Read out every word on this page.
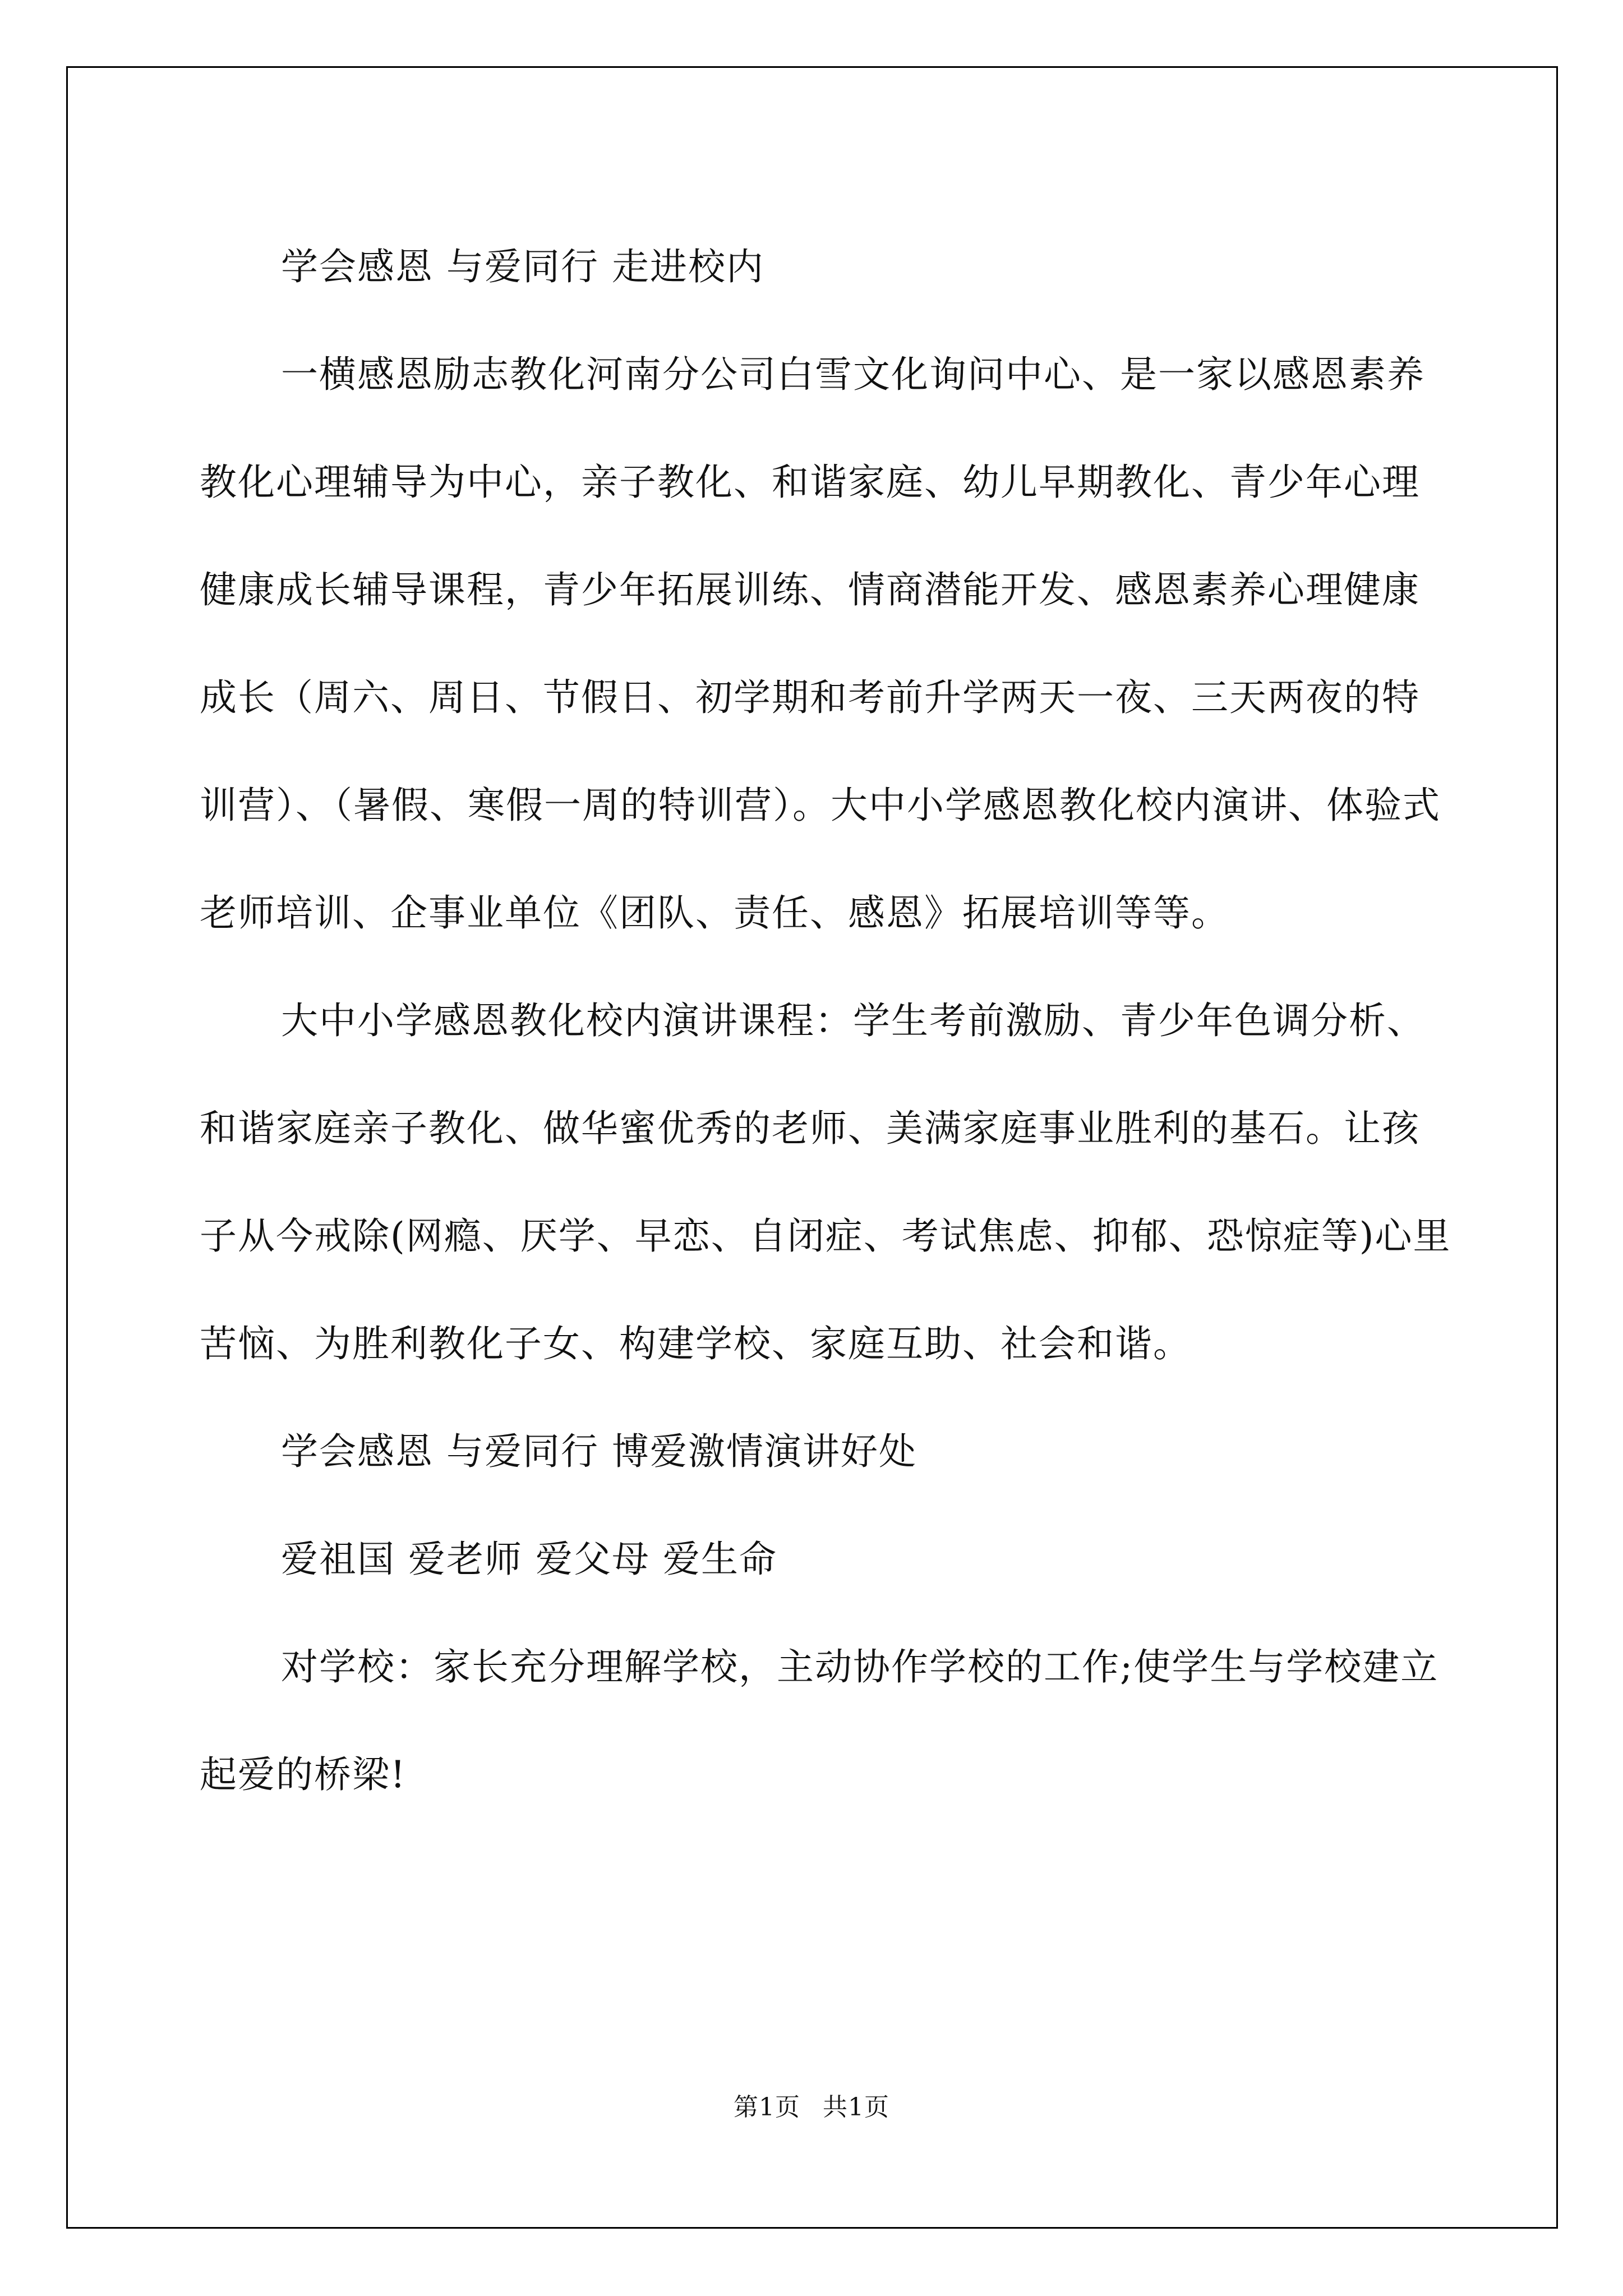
学会感恩 与爱同行 走进校内

一横感恩励志教化河南分公司白雪文化询问中心、是一家以感恩素养教化心理辅导为中心，亲子教化、和谐家庭、幼儿早期教化、青少年心理健康成长辅导课程，青少年拓展训练、情商潜能开发、感恩素养心理健康成长（周六、周日、节假日、初学期和考前升学两天一夜、三天两夜的特训营）、（暑假、寒假一周的特训营）。大中小学感恩教化校内演讲、体验式老师培训、企事业单位《团队、责任、感恩》拓展培训等等。

大中小学感恩教化校内演讲课程：学生考前激励、青少年色调分析、和谐家庭亲子教化、做华蜜优秀的老师、美满家庭事业胜利的基石。让孩子从今戒除(网瘾、厌学、早恋、自闭症、考试焦虑、抑郁、恐惊症等)心里苦恼、为胜利教化子女、构建学校、家庭互助、社会和谐。

学会感恩 与爱同行 博爱激情演讲好处

爱祖国 爱老师 爱父母 爱生命

对学校：家长充分理解学校，主动协作学校的工作;使学生与学校建立起爱的桥梁!

第1页 共1页
